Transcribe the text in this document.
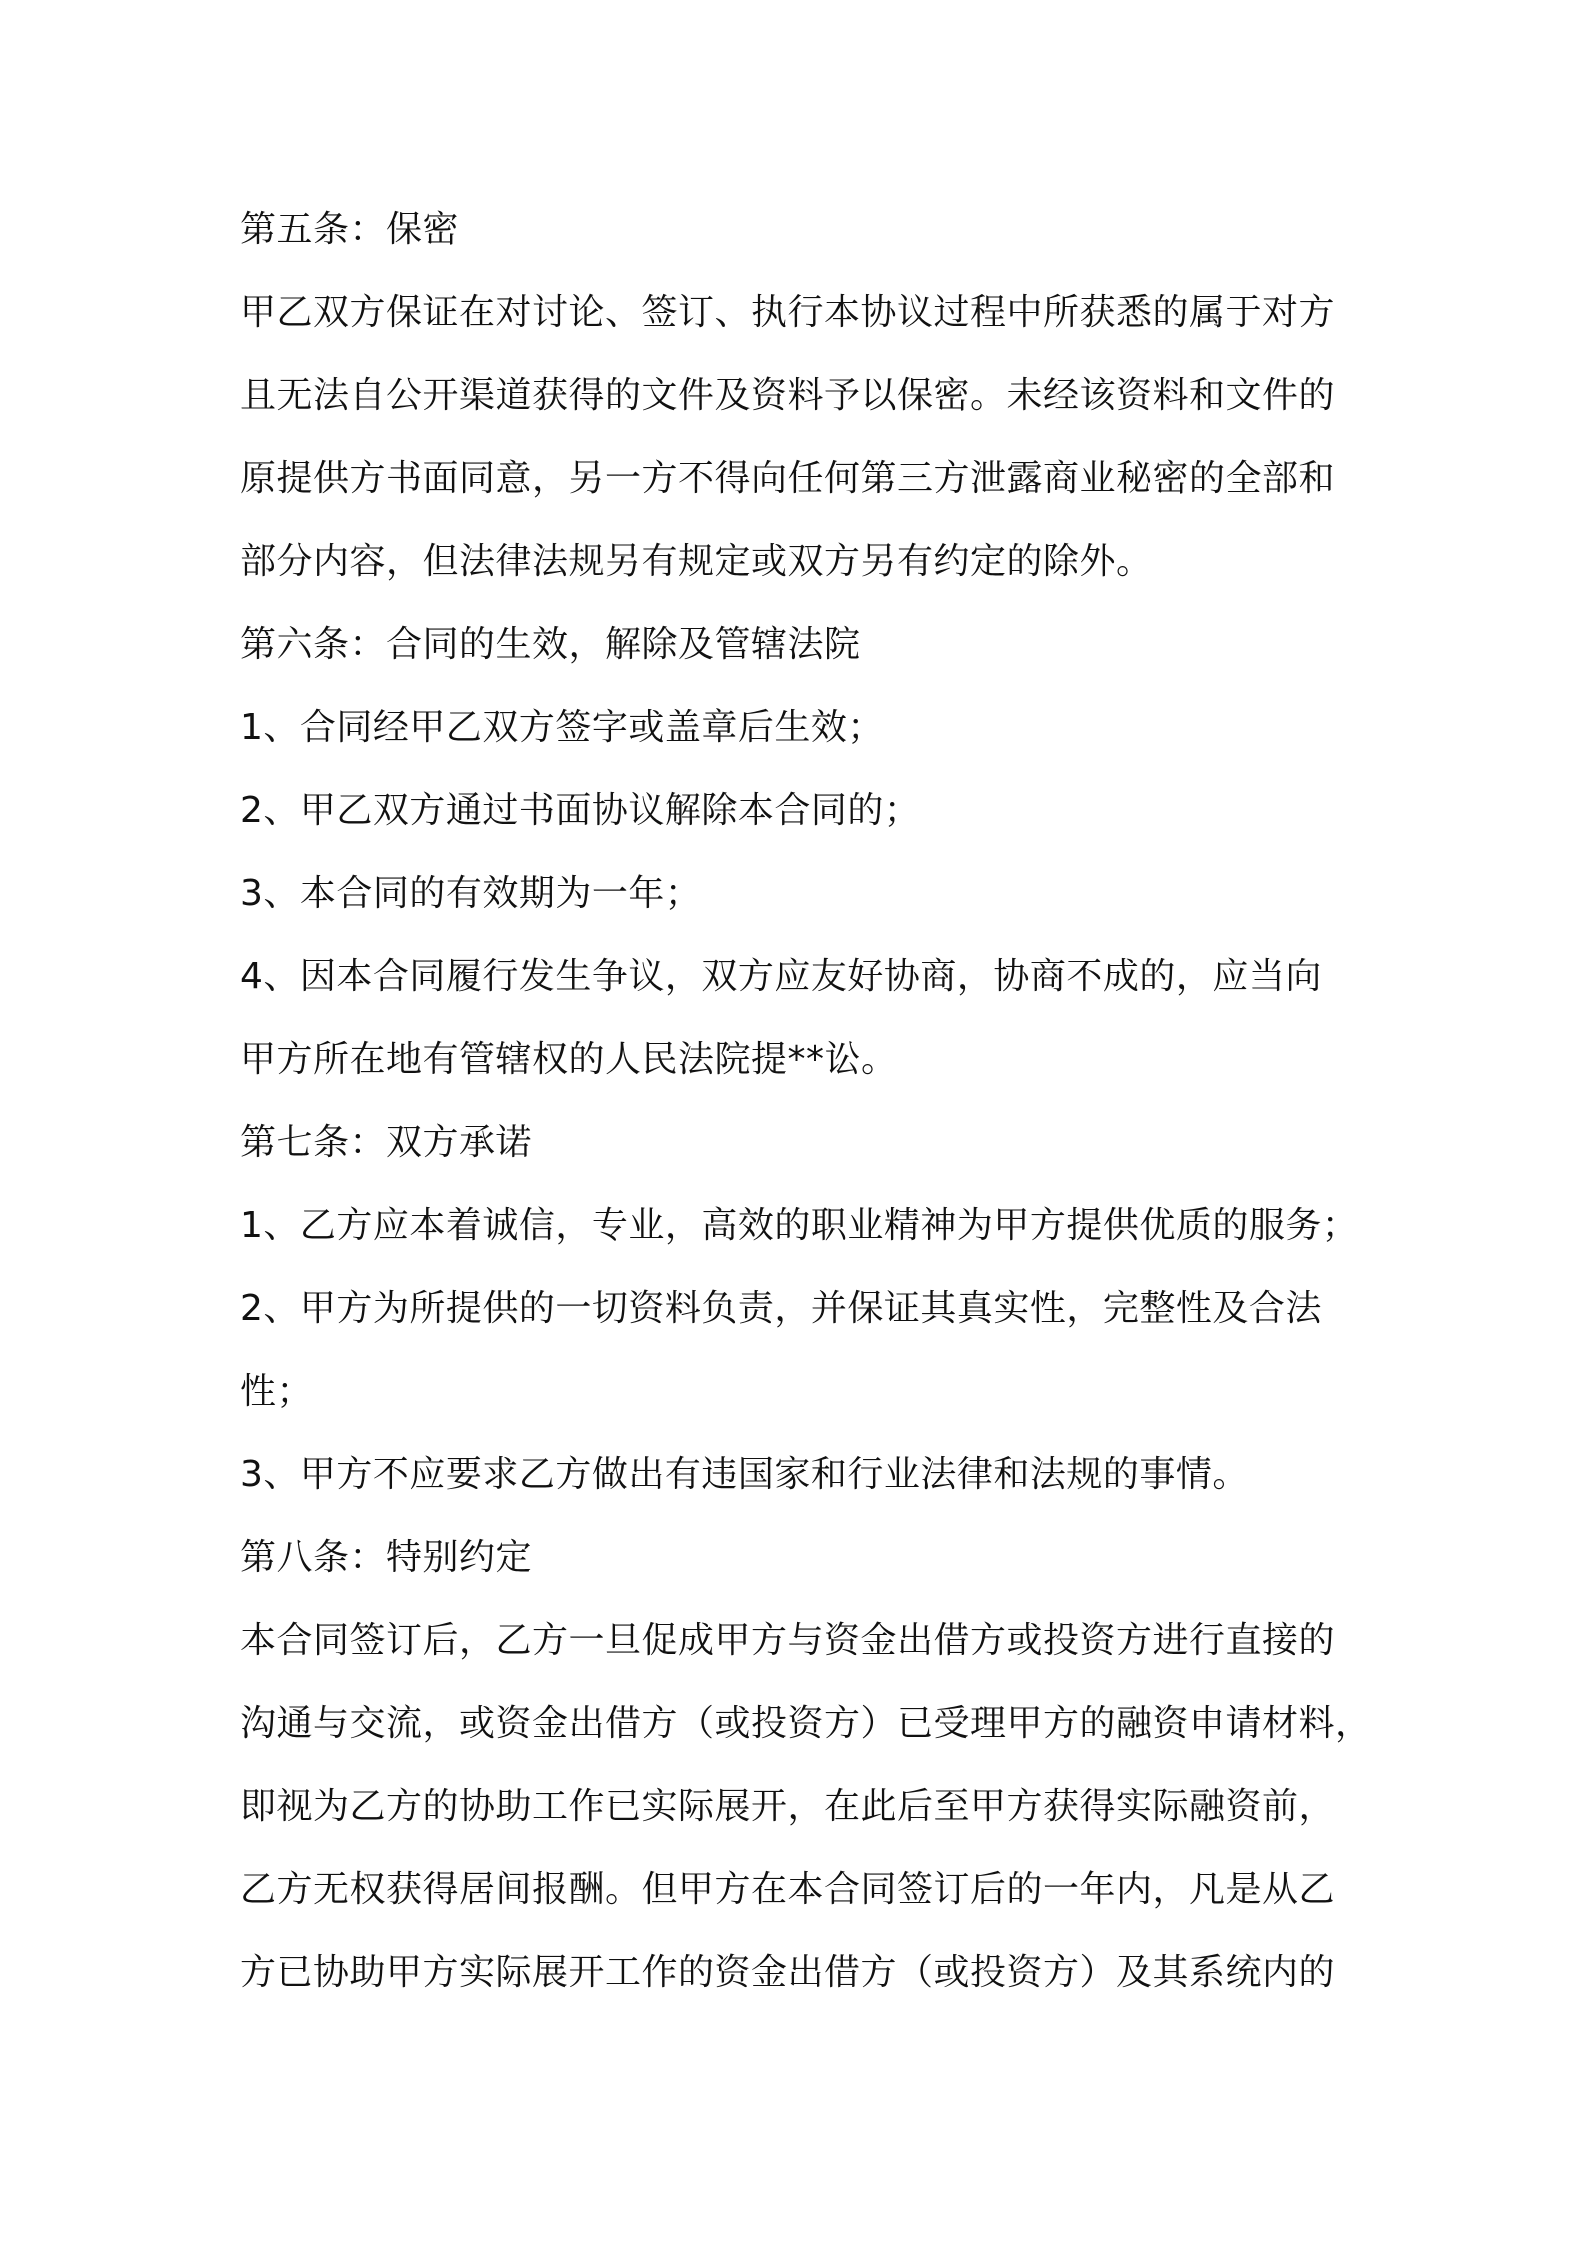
第五条：保密
甲乙双方保证在对讨论、签订、执行本协议过程中所获悉的属于对方
且无法自公开渠道获得的文件及资料予以保密。未经该资料和文件的
原提供方书面同意，另一方不得向任何第三方泄露商业秘密的全部和
部分内容，但法律法规另有规定或双方另有约定的除外。
第六条：合同的生效，解除及管辖法院
1、合同经甲乙双方签字或盖章后生效；
2、甲乙双方通过书面协议解除本合同的；
3、本合同的有效期为一年；
4、因本合同履行发生争议，双方应友好协商，协商不成的，应当向
甲方所在地有管辖权的人民法院提**讼。
第七条：双方承诺
1、乙方应本着诚信，专业，高效的职业精神为甲方提供优质的服务；
2、甲方为所提供的一切资料负责，并保证其真实性，完整性及合法
性；
3、甲方不应要求乙方做出有违国家和行业法律和法规的事情。
第八条：特别约定
本合同签订后，乙方一旦促成甲方与资金出借方或投资方进行直接的
沟通与交流，或资金出借方（或投资方）已受理甲方的融资申请材料，
即视为乙方的协助工作已实际展开，在此后至甲方获得实际融资前，
乙方无权获得居间报酬。但甲方在本合同签订后的一年内，凡是从乙
方已协助甲方实际展开工作的资金出借方（或投资方）及其系统内的
